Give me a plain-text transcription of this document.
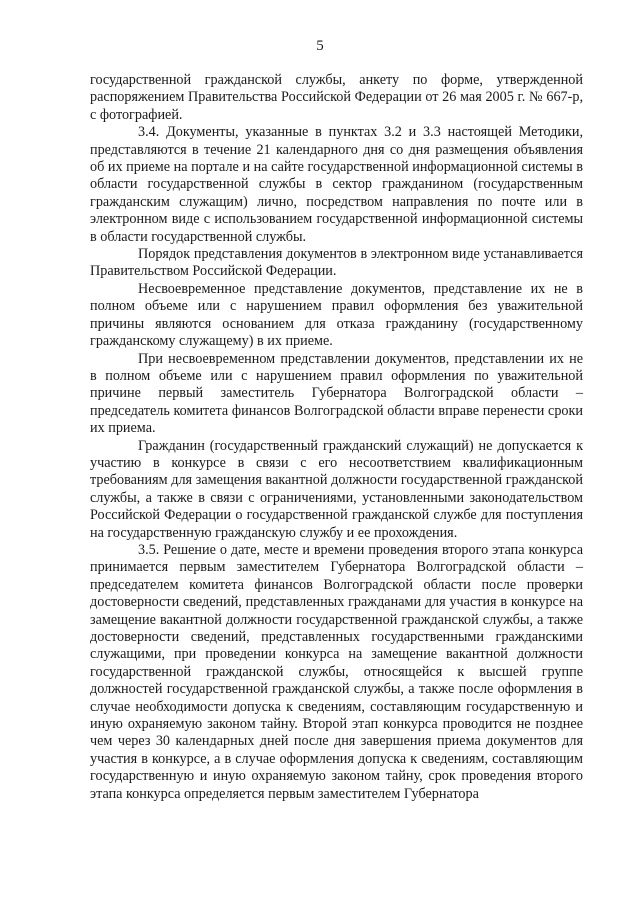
5

государственной гражданской службы, анкету по форме, утвержденной распоряжением Правительства Российской Федерации от 26 мая 2005 г. № 667-р, с фотографией.

3.4. Документы, указанные в пунктах 3.2 и 3.3 настоящей Методики, представляются в течение 21 календарного дня со дня размещения объявления об их приеме на портале и на сайте государственной информационной системы в области государственной службы в сектор гражданином (государственным гражданским служащим) лично, посредством направления по почте или в электронном виде с использованием государственной информационной системы в области государственной службы.

Порядок представления документов в электронном виде устанавливается Правительством Российской Федерации.

Несвоевременное представление документов, представление их не в полном объеме или с нарушением правил оформления без уважительной причины являются основанием для отказа гражданину (государственному гражданскому служащему) в их приеме.

При несвоевременном представлении документов, представлении их не в полном объеме или с нарушением правил оформления по уважительной причине первый заместитель Губернатора Волгоградской области – председатель комитета финансов Волгоградской области вправе перенести сроки их приема.

Гражданин (государственный гражданский служащий) не допускается к участию в конкурсе в связи с его несоответствием квалификационным требованиям для замещения вакантной должности государственной гражданской службы, а также в связи с ограничениями, установленными законодательством Российской Федерации о государственной гражданской службе для поступления на государственную гражданскую службу и ее прохождения.

3.5. Решение о дате, месте и времени проведения второго этапа конкурса принимается первым заместителем Губернатора Волгоградской области – председателем комитета финансов Волгоградской области после проверки достоверности сведений, представленных гражданами для участия в конкурсе на замещение вакантной должности государственной гражданской службы, а также достоверности сведений, представленных государственными гражданскими служащими, при проведении конкурса на замещение вакантной должности государственной гражданской службы, относящейся к высшей группе должностей государственной гражданской службы, а также после оформления в случае необходимости допуска к сведениям, составляющим государственную и иную охраняемую законом тайну. Второй этап конкурса проводится не позднее чем через 30 календарных дней после дня завершения приема документов для участия в конкурсе, а в случае оформления допуска к сведениям, составляющим государственную и иную охраняемую законом тайну, срок проведения второго этапа конкурса определяется первым заместителем Губернатора
